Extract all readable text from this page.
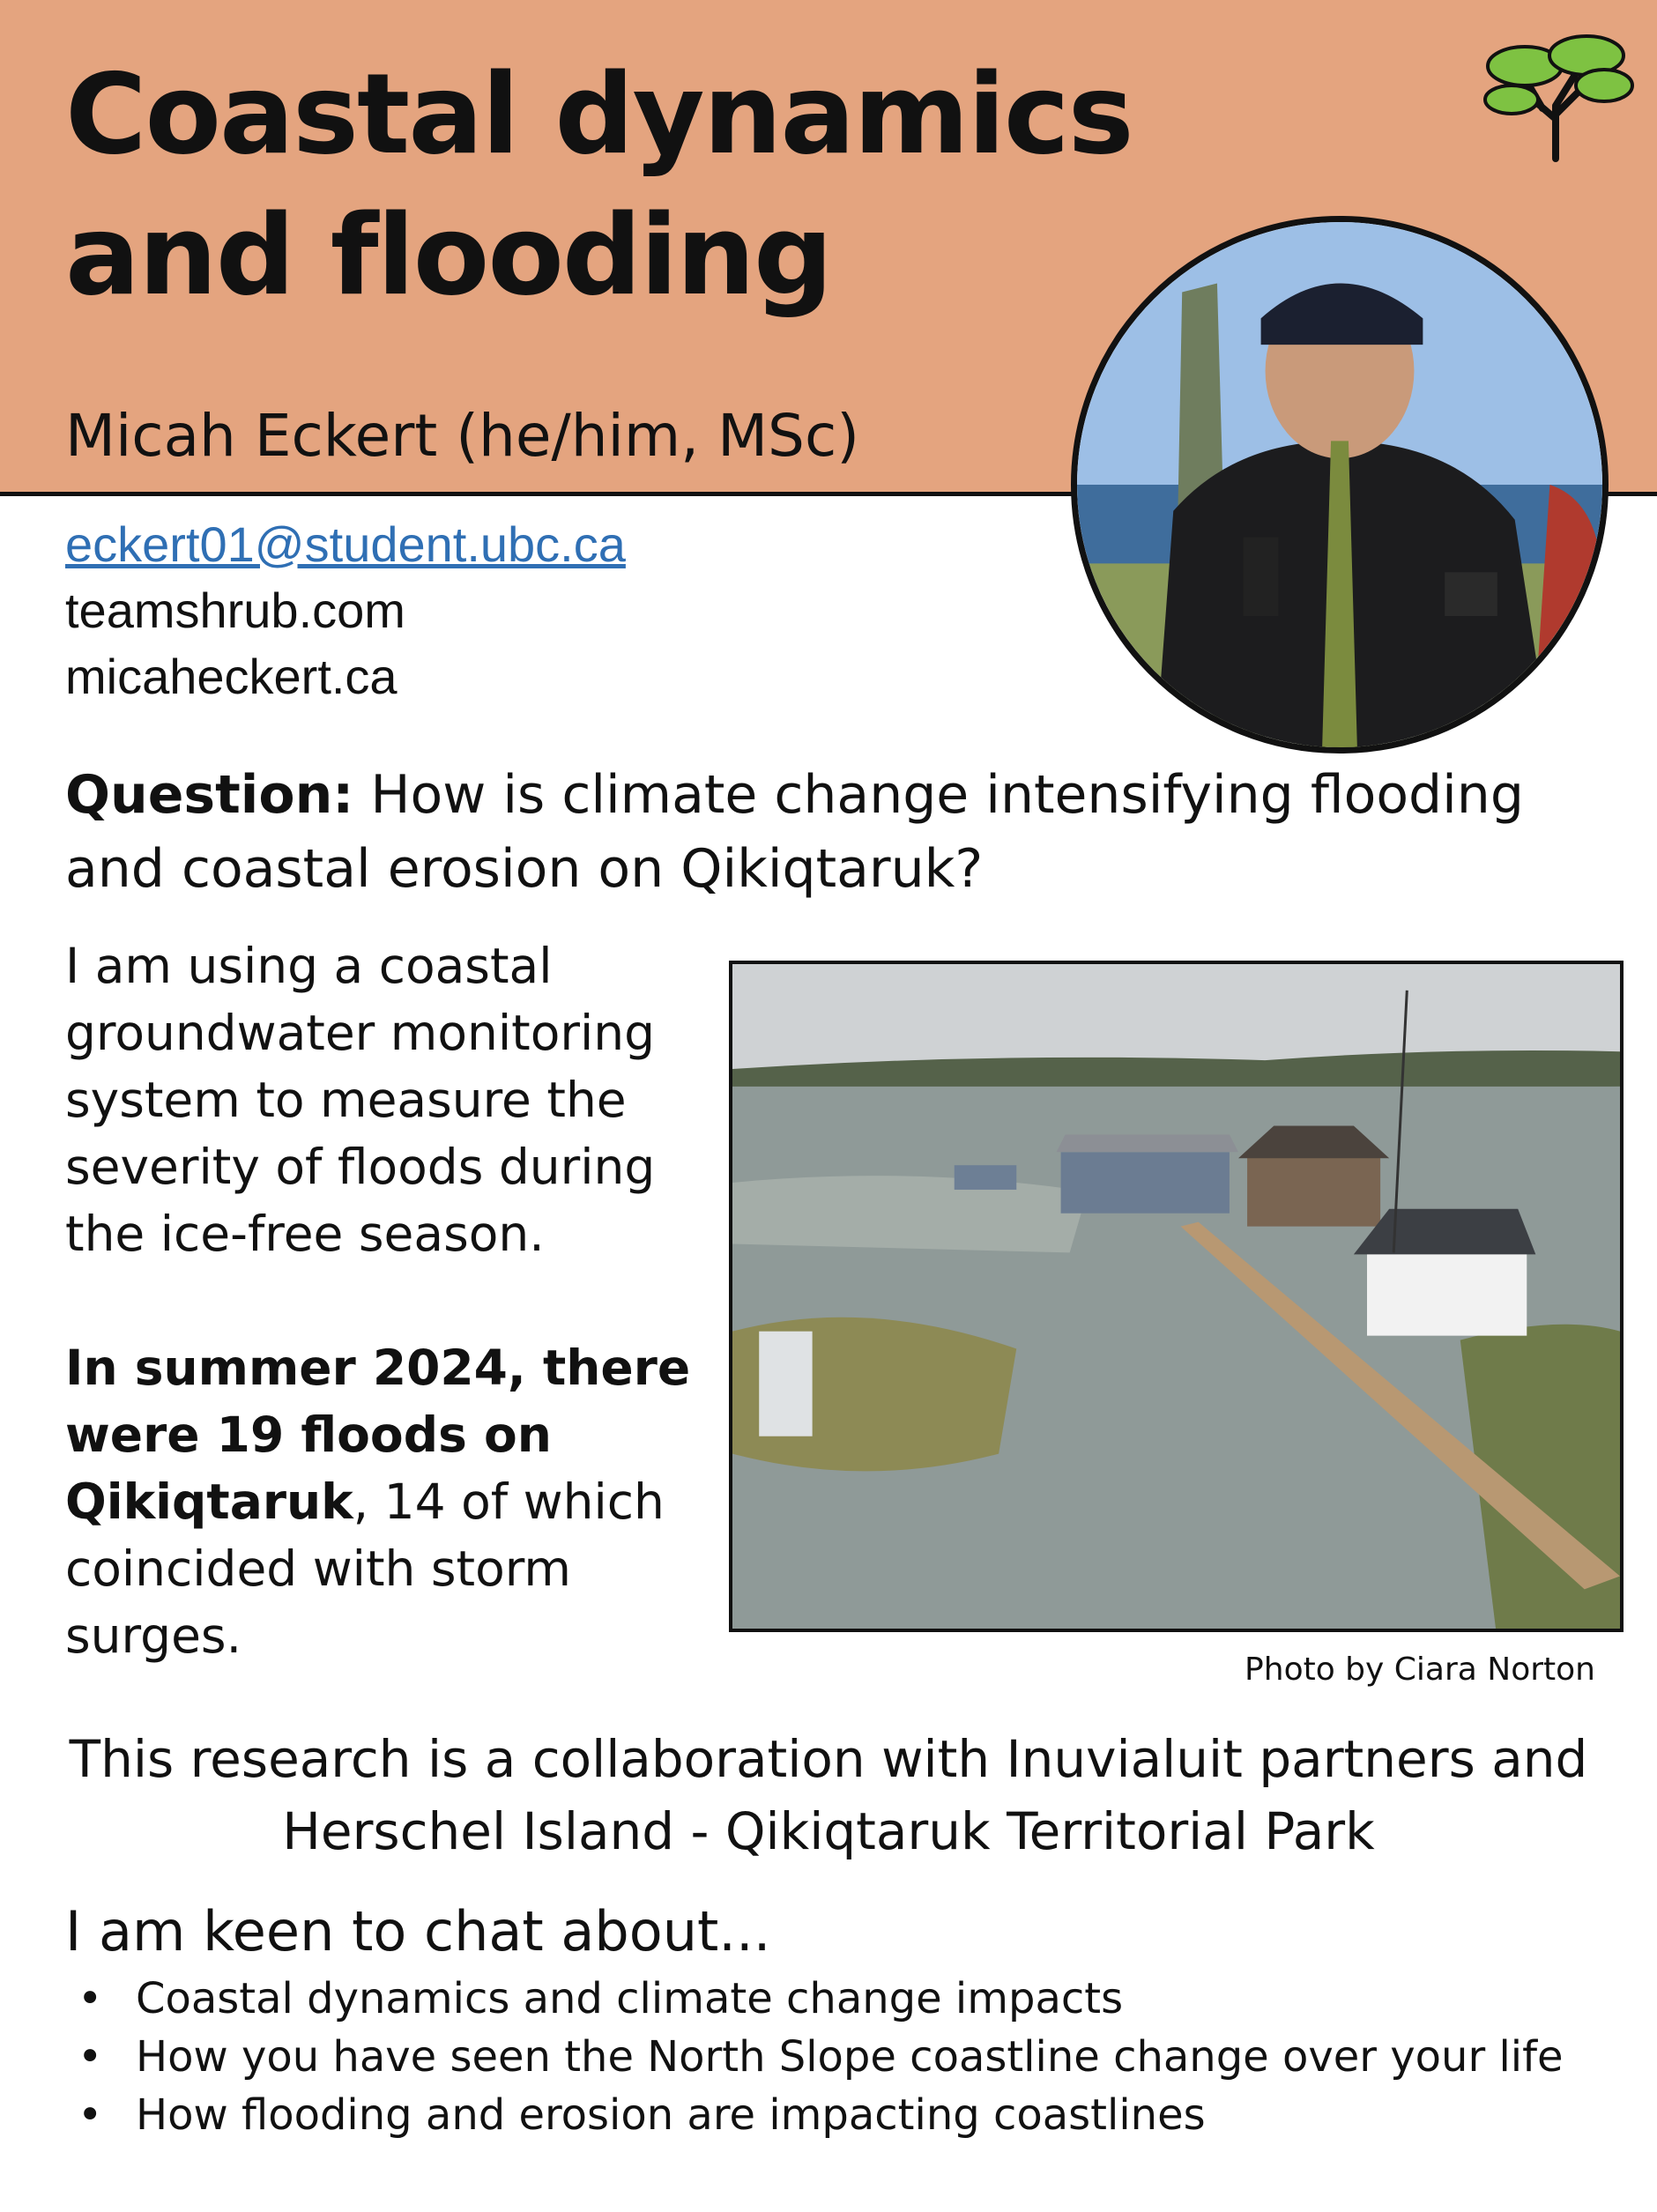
Coastal dynamics and flooding
Micah Eckert (he/him, MSc)
eckert01@student.ubc.ca
teamshrub.com
micaheckert.ca
Question: How is climate change intensifying flooding and coastal erosion on Qikiqtaruk?
I am using a coastal groundwater monitoring system to measure the severity of floods during the ice-free season.
In summer 2024, there were 19 floods on Qikiqtaruk, 14 of which coincided with storm surges.
Photo by Ciara Norton
This research is a collaboration with Inuvialuit partners and Herschel Island - Qikiqtaruk Territorial Park
I am keen to chat about...
• Coastal dynamics and climate change impacts
• How you have seen the North Slope coastline change over your life
• How flooding and erosion are impacting coastlines
